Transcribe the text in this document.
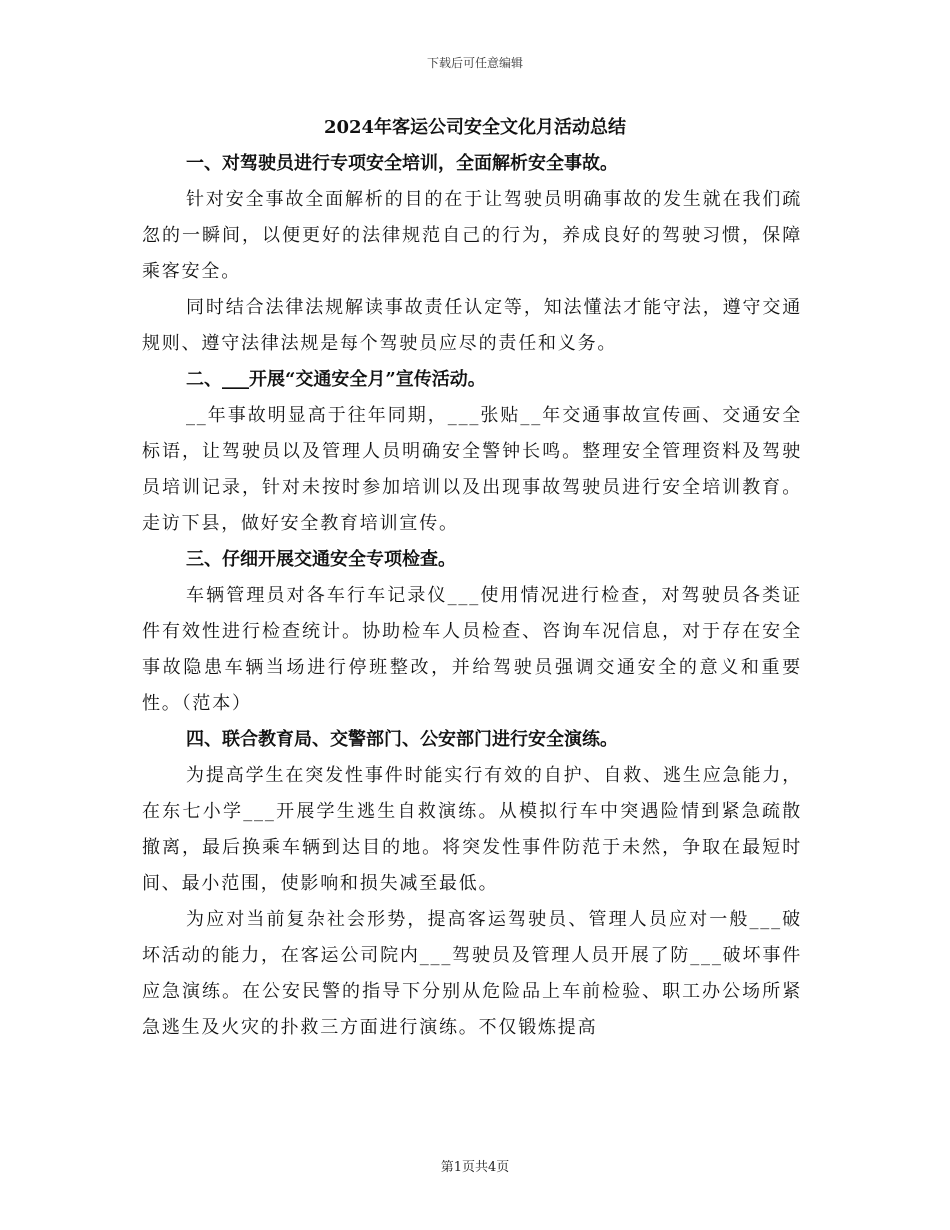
下载后可任意编辑
2024年客运公司安全文化月活动总结
一、对驾驶员进行专项安全培训，全面解析安全事故。

针对安全事故全面解析的目的在于让驾驶员明确事故的发生就在我们疏忽的一瞬间，以便更好的法律规范自己的行为，养成良好的驾驶习惯，保障乘客安全。

同时结合法律法规解读事故责任认定等，知法懂法才能守法，遵守交通规则、遵守法律法规是每个驾驶员应尽的责任和义务。

二、___开展“交通安全月”宣传活动。

__年事故明显高于往年同期，___张贴__年交通事故宣传画、交通安全标语，让驾驶员以及管理人员明确安全警钟长鸣。整理安全管理资料及驾驶员培训记录，针对未按时参加培训以及出现事故驾驶员进行安全培训教育。走访下县，做好安全教育培训宣传。

三、仔细开展交通安全专项检查。

车辆管理员对各车行车记录仪___使用情况进行检查，对驾驶员各类证件有效性进行检查统计。协助检车人员检查、咨询车况信息，对于存在安全事故隐患车辆当场进行停班整改，并给驾驶员强调交通安全的意义和重要性。（范本）

四、联合教育局、交警部门、公安部门进行安全演练。

为提高学生在突发性事件时能实行有效的自护、自救、逃生应急能力，在东七小学___开展学生逃生自救演练。从模拟行车中突遇险情到紧急疏散撤离，最后换乘车辆到达目的地。将突发性事件防范于未然，争取在最短时间、最小范围，使影响和损失减至最低。

为应对当前复杂社会形势，提高客运驾驶员、管理人员应对一般___破坏活动的能力，在客运公司院内___驾驶员及管理人员开展了防___破坏事件应急演练。在公安民警的指导下分别从危险品上车前检验、职工办公场所紧急逃生及火灾的扑救三方面进行演练。不仅锻炼提高

第1页共4页
